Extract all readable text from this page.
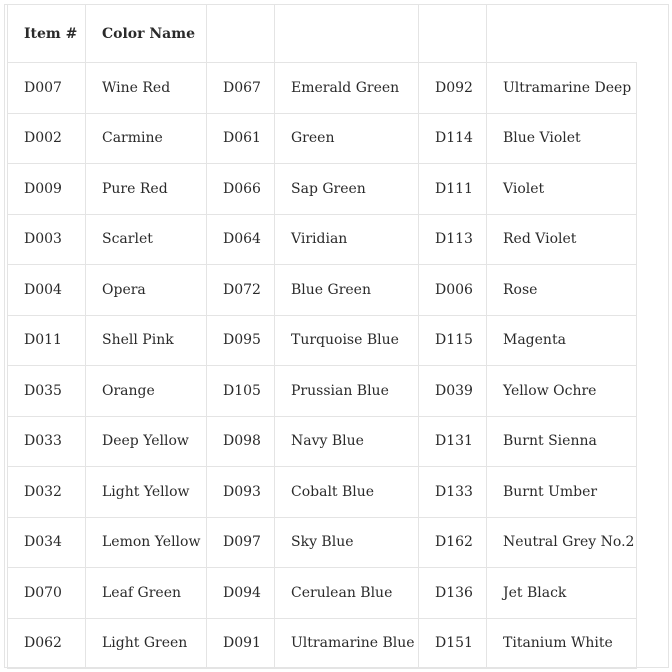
Item #	Color Name				
D007	Wine Red	D067	Emerald Green	D092	Ultramarine Deep
D002	Carmine	D061	Green	D114	Blue Violet
D009	Pure Red	D066	Sap Green	D111	Violet
D003	Scarlet	D064	Viridian	D113	Red Violet
D004	Opera	D072	Blue Green	D006	Rose
D011	Shell Pink	D095	Turquoise Blue	D115	Magenta
D035	Orange	D105	Prussian Blue	D039	Yellow Ochre
D033	Deep Yellow	D098	Navy Blue	D131	Burnt Sienna
D032	Light Yellow	D093	Cobalt Blue	D133	Burnt Umber
D034	Lemon Yellow	D097	Sky Blue	D162	Neutral Grey No.2
D070	Leaf Green	D094	Cerulean Blue	D136	Jet Black
D062	Light Green	D091	Ultramarine Blue	D151	Titanium White
